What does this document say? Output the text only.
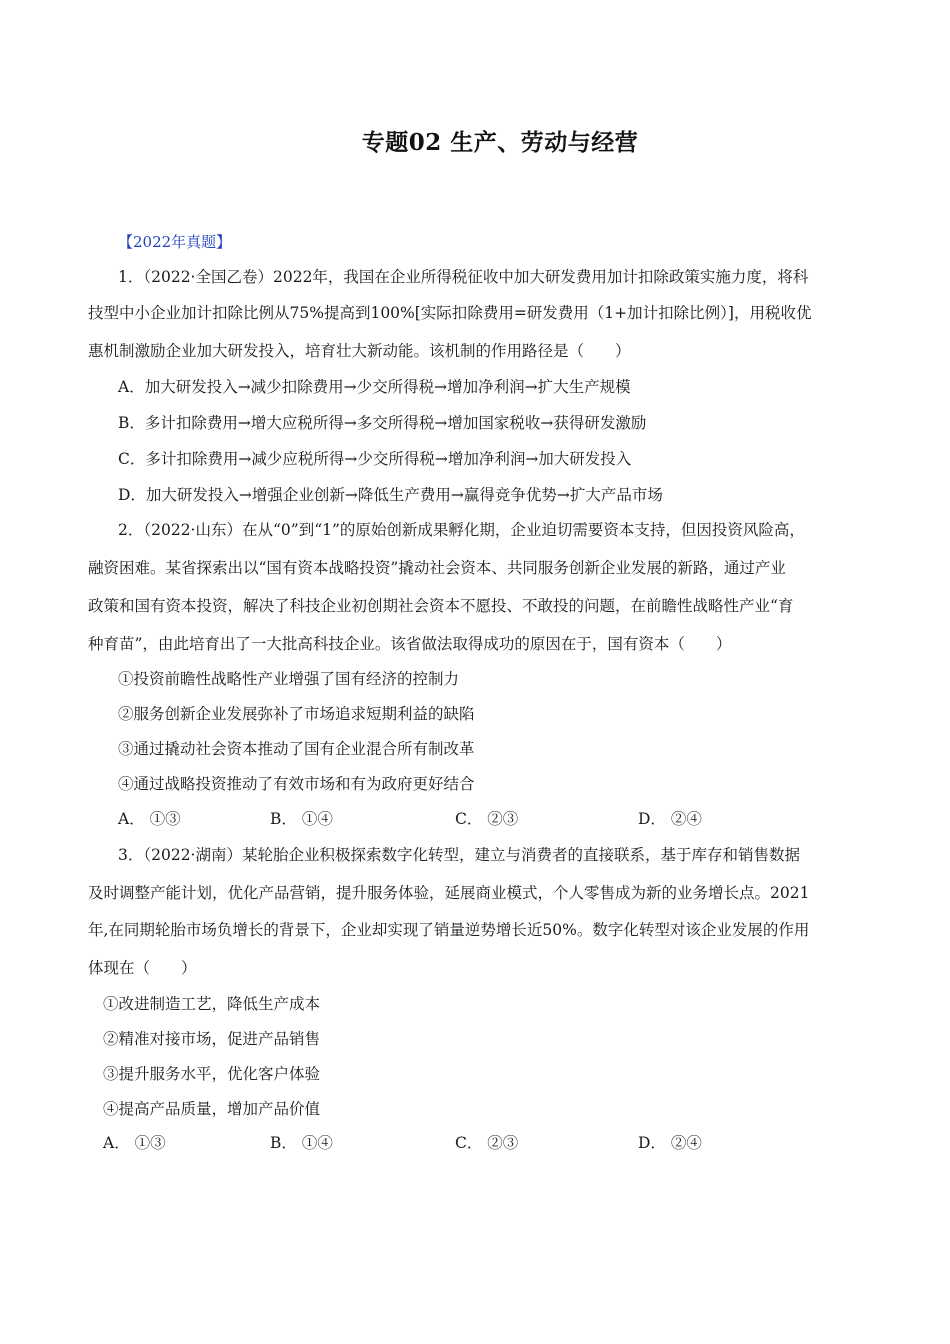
专题02 生产、劳动与经营
【2022年真题】
1．（2022·全国乙卷）2022年，我国在企业所得税征收中加大研发费用加计扣除政策实施力度，将科
技型中小企业加计扣除比例从75%提高到100%[实际扣除费用=研发费用（1+加计扣除比例）]，用税收优
惠机制激励企业加大研发投入，培育壮大新动能。该机制的作用路径是（　　）
A．加大研发投入→减少扣除费用→少交所得税→增加净利润→扩大生产规模
B．多计扣除费用→增大应税所得→多交所得税→增加国家税收→获得研发激励
C．多计扣除费用→减少应税所得→少交所得税→增加净利润→加大研发投入
D．加大研发投入→增强企业创新→降低生产费用→赢得竞争优势→扩大产品市场
2．（2022·山东）在从“0”到“1”的原始创新成果孵化期，企业迫切需要资本支持，但因投资风险高，
融资困难。某省探索出以“国有资本战略投资”撬动社会资本、共同服务创新企业发展的新路，通过产业
政策和国有资本投资，解决了科技企业初创期社会资本不愿投、不敢投的问题，在前瞻性战略性产业“育
种育苗”，由此培育出了一大批高科技企业。该省做法取得成功的原因在于，国有资本（　　）
①投资前瞻性战略性产业增强了国有经济的控制力
②服务创新企业发展弥补了市场追求短期利益的缺陷
③通过撬动社会资本推动了国有企业混合所有制改革
④通过战略投资推动了有效市场和有为政府更好结合
A． ①③	B． ①④	C． ②③	D． ②④
3．（2022·湖南）某轮胎企业积极探索数字化转型，建立与消费者的直接联系，基于库存和销售数据
及时调整产能计划，优化产品营销，提升服务体验，延展商业模式，个人零售成为新的业务增长点。2021
年,在同期轮胎市场负增长的背景下，企业却实现了销量逆势增长近50%。数字化转型对该企业发展的作用
体现在（　　）
①改进制造工艺，降低生产成本
②精准对接市场，促进产品销售
③提升服务水平，优化客户体验
④提高产品质量，增加产品价值
A． ①③	B． ①④	C． ②③	D． ②④
